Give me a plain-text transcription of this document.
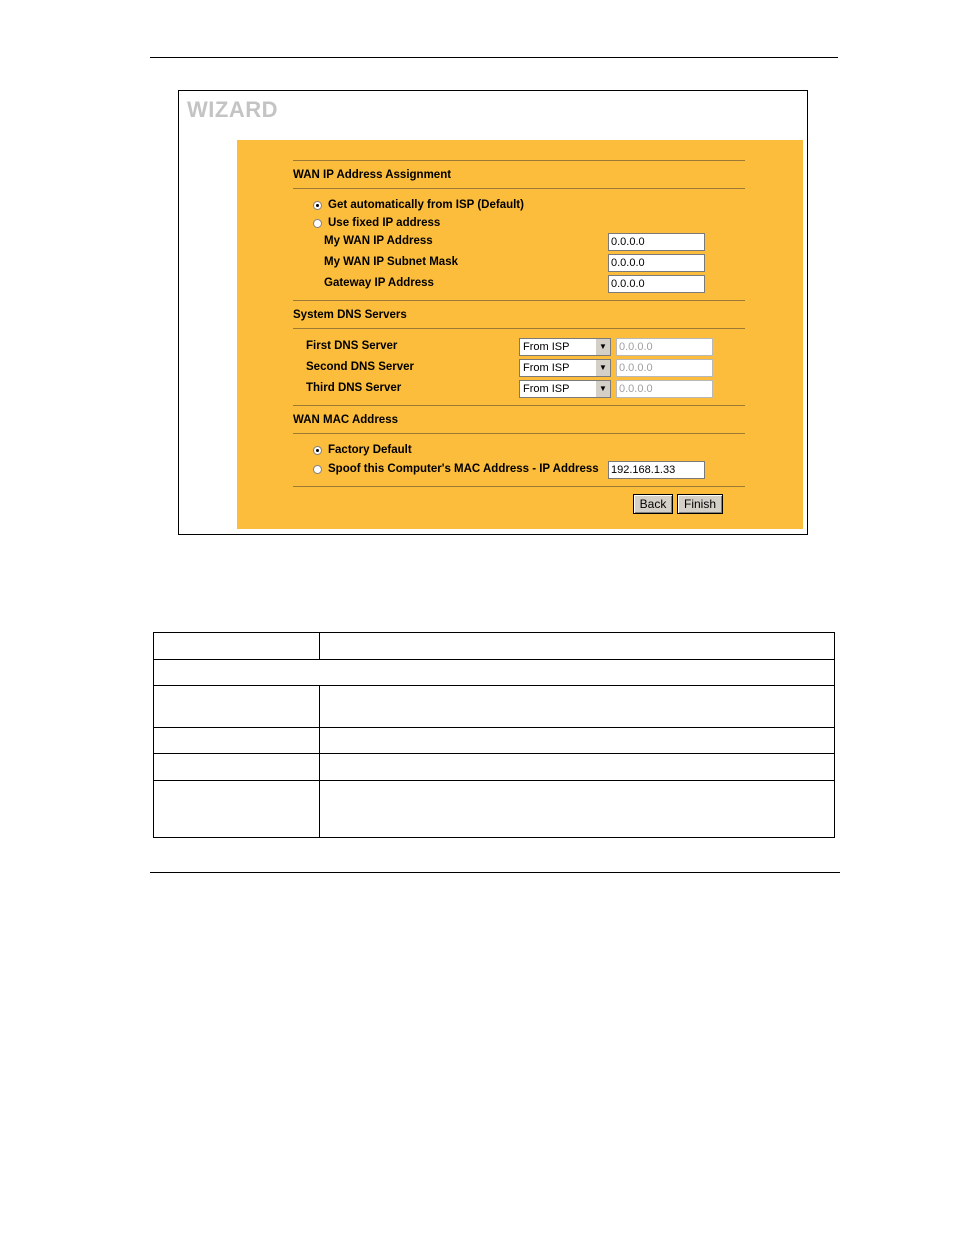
WIZARD
WAN IP Address Assignment
Get automatically from ISP (Default)
Use fixed IP address
My WAN IP Address	0.0.0.0
My WAN IP Subnet Mask	0.0.0.0
Gateway IP Address	0.0.0.0
System DNS Servers
First DNS Server	From ISP	▼ 0.0.0.0
Second DNS Server	From ISP	▼ 0.0.0.0
Third DNS Server	From ISP	▼ 0.0.0.0
WAN MAC Address
Factory Default
Spoof this Computer's MAC Address - IP Address 192.168.1.33
Back	Finish
